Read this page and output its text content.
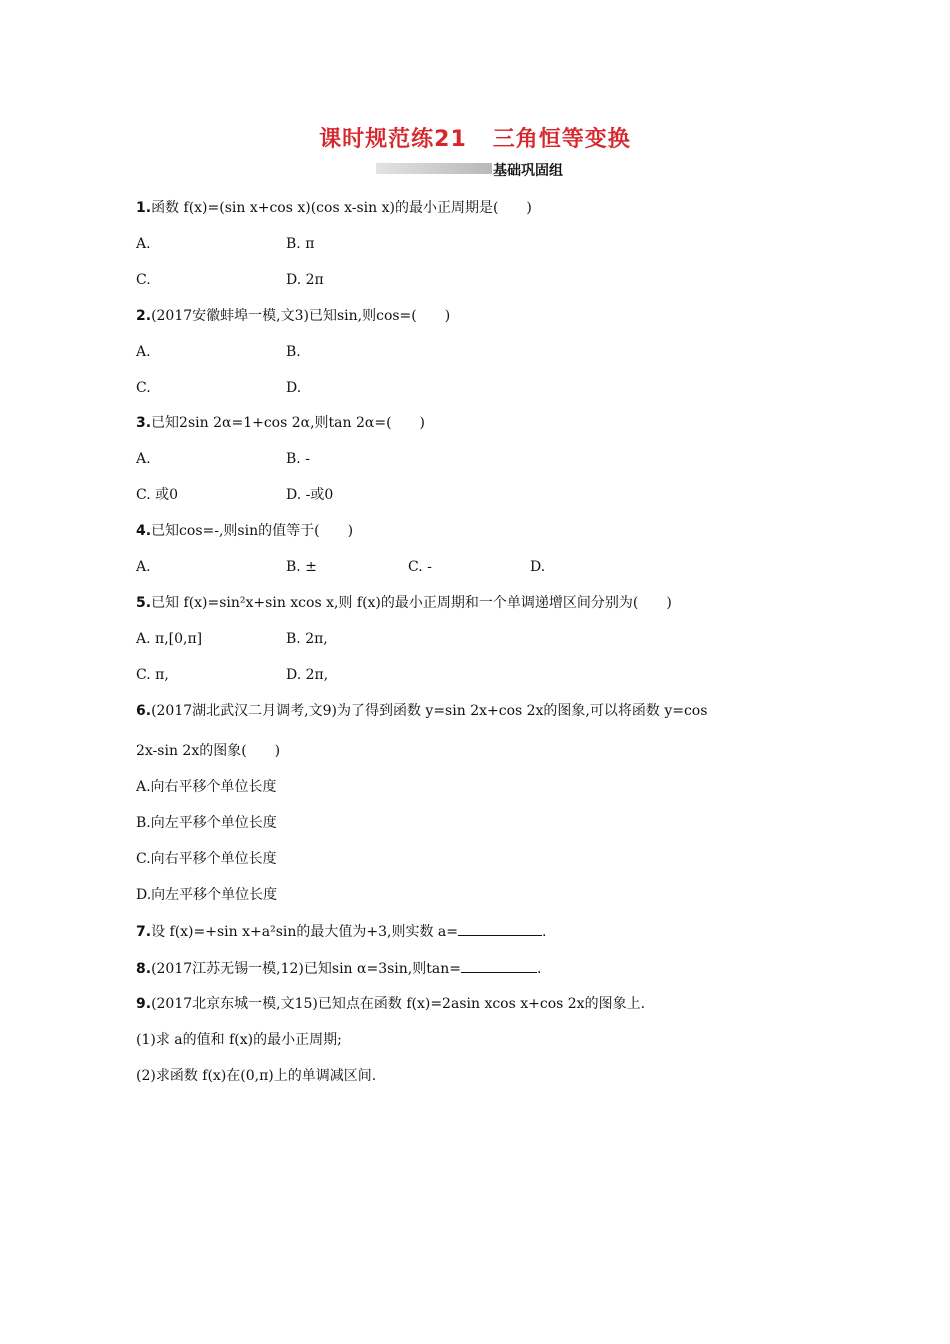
课时规范练21 三角恒等变换
基础巩固组
1.函数 f(x)=(sin x+cos x)(cos x-sin x)的最小正周期是(　　)
A.	B. π
C.	D. 2π
2.(2017安徽蚌埠一模,文3)已知sin,则cos=(　　)
A.	B.
C.	D.
3.已知2sin 2α=1+cos 2α,则tan 2α=(　　)
A.	B. -
C. 或0	D. -或0
4.已知cos=-,则sin的值等于(　　)
A.	B. ±	C. -	D.
5.已知 f(x)=sin²x+sin xcos x,则 f(x)的最小正周期和一个单调递增区间分别为(　　)
A. π,[0,π]	B. 2π,
C. π,	D. 2π,
6.(2017湖北武汉二月调考,文9)为了得到函数 y=sin 2x+cos 2x的图象,可以将函数 y=cos
2x-sin 2x的图象(　　)
A.向右平移个单位长度
B.向左平移个单位长度
C.向右平移个单位长度
D.向左平移个单位长度
7.设 f(x)=+sin x+a²sin的最大值为+3,则实数 a=	.
8.(2017江苏无锡一模,12)已知sin α=3sin,则tan=	.
9.(2017北京东城一模,文15)已知点在函数 f(x)=2asin xcos x+cos 2x的图象上.
(1)求 a的值和 f(x)的最小正周期;
(2)求函数 f(x)在(0,π)上的单调减区间.
